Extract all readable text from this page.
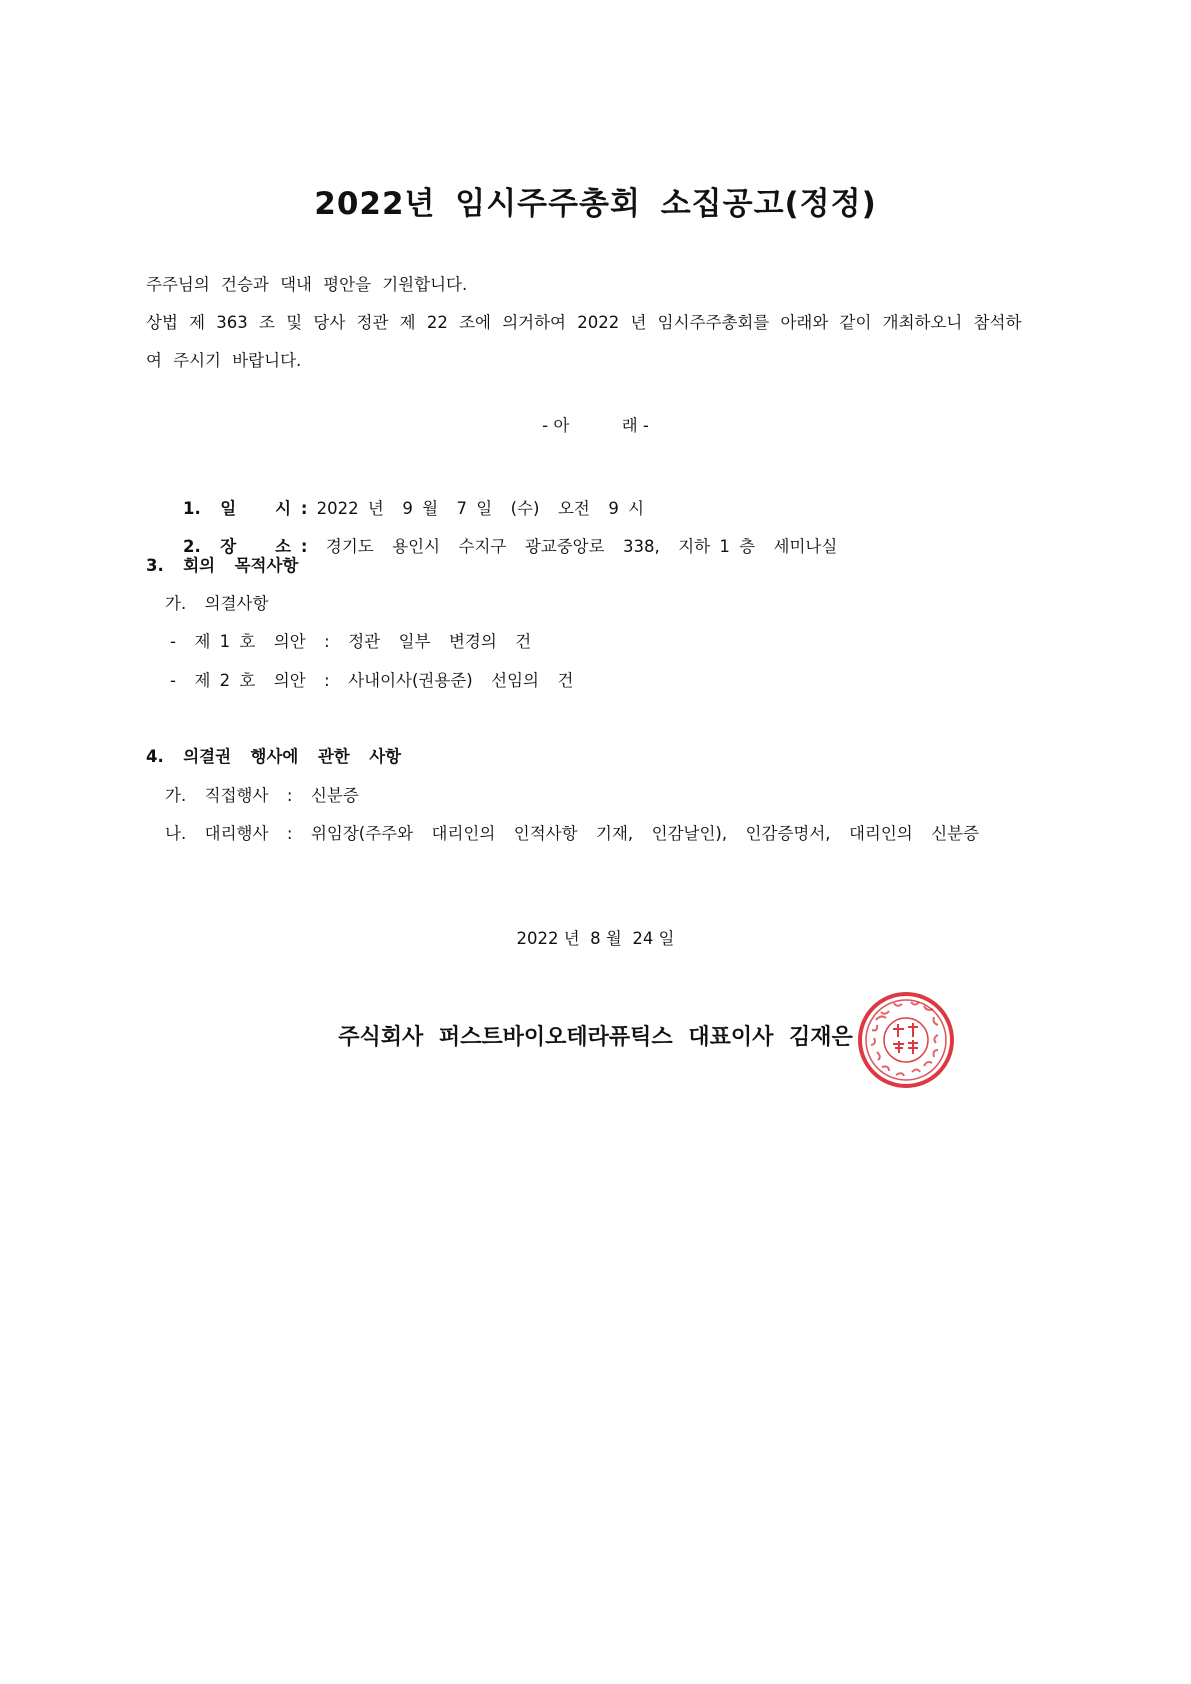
2022년 임시주주총회 소집공고(정정)
주주님의 건승과 댁내 평안을 기원합니다.
상법 제 363 조 및 당사 정관 제 22 조에 의거하여 2022 년 임시주주총회를 아래와 같이 개최하오니 참석하
여 주시기 바랍니다.
- 아          래 -

1.  일    시 : 2022 년  9 월  7 일  (수)  오전  9 시

2.  장    소 :  경기도  용인시  수지구  광교중앙로  338,  지하 1 층  세미나실

3.  회의  목적사항
가.  의결사항
-  제 1 호  의안  :  정관  일부  변경의  건
-  제 2 호  의안  :  사내이사(권용준)  선임의  건
4.  의결권  행사에  관한  사항
가.  직접행사  :  신분증
나.  대리행사  :  위임장(주주와  대리인의  인적사항  기재,  인감날인),  인감증명서,  대리인의  신분증
2022 년  8 월  24 일
주식회사 퍼스트바이오테라퓨틱스 대표이사 김재은
